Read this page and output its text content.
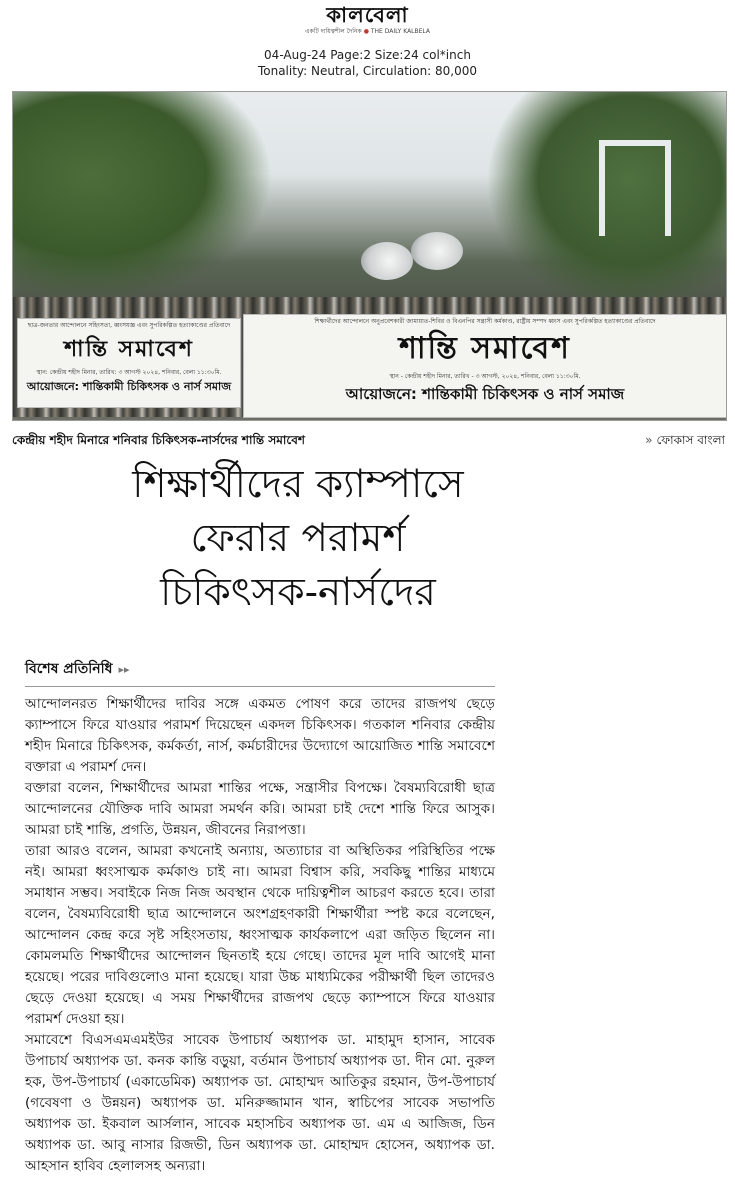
কালবেলা
একটি দায়িত্বশীল দৈনিক ● THE DAILY KALBELA
04-Aug-24 Page:2 Size:24 col*inch
Tonality: Neutral, Circulation: 80,000
ছাত্র-জনতার আন্দোলনে সহিংসতা, ধ্বংসযজ্ঞ এবং সুপরিকল্পিত হত্যাকাণ্ডের প্রতিবাদে
শান্তি সমাবেশ
স্থান: কেন্দ্রীয় শহীদ মিনার, তারিখ: ৩ আগস্ট ২০২৪, শনিবার, বেলা ১১:৩০মি.
আয়োজনে: শান্তিকামী চিকিৎসক ও নার্স সমাজ
শিক্ষার্থীদের আন্দোলনে অনুপ্রবেশকারী জামায়াত-শিবির ও বিএনপির সন্ত্রাসী কর্মকাণ্ড, রাষ্ট্রীয় সম্পদ ধ্বংস এবং সুপরিকল্পিত হত্যাকাণ্ডের প্রতিবাদে
শান্তি সমাবেশ
স্থান - কেন্দ্রীয় শহীদ মিনার, তারিখ - ৩ আগস্ট, ২০২৪, শনিবার, বেলা ১১:৩০মি.
আয়োজনে: শান্তিকামী চিকিৎসক ও নার্স সমাজ
কেন্দ্রীয় শহীদ মিনারে শনিবার চিকিৎসক-নার্সদের শান্তি সমাবেশ	» ফোকাস বাংলা
শিক্ষার্থীদের ক্যাম্পাসে
ফেরার পরামর্শ
চিকিৎসক-নার্সদের
বিশেষ প্রতিনিধি ▸▸

আন্দোলনরত শিক্ষার্থীদের দাবির সঙ্গে একমত পোষণ করে তাদের রাজপথ ছেড়ে ক্যাম্পাসে ফিরে যাওয়ার পরামর্শ দিয়েছেন একদল চিকিৎসক। গতকাল শনিবার কেন্দ্রীয় শহীদ মিনারে চিকিৎসক, কর্মকর্তা, নার্স, কর্মচারীদের উদ্যোগে আয়োজিত শান্তি সমাবেশে বক্তারা এ পরামর্শ দেন।

বক্তারা বলেন, শিক্ষার্থীদের আমরা শান্তির পক্ষে, সন্ত্রাসীর বিপক্ষে। বৈষম্যবিরোধী ছাত্র আন্দোলনের যৌক্তিক দাবি আমরা সমর্থন করি। আমরা চাই দেশে শান্তি ফিরে আসুক। আমরা চাই শান্তি, প্রগতি, উন্নয়ন, জীবনের নিরাপত্তা।

তারা আরও বলেন, আমরা কখনোই অন্যায়, অত্যাচার বা অস্থিতিকর পরিস্থিতির পক্ষে নই। আমরা ধ্বংসাত্মক কর্মকাণ্ড চাই না। আমরা বিশ্বাস করি, সবকিছু শান্তির মাধ্যমে সমাধান সম্ভব। সবাইকে নিজ নিজ অবস্থান থেকে দায়িত্বশীল আচরণ করতে হবে। তারা বলেন, বৈষম্যবিরোধী ছাত্র আন্দোলনে অংশগ্রহণকারী শিক্ষার্থীরা স্পষ্ট করে বলেছেন, আন্দোলন কেন্দ্র করে সৃষ্ট সহিংসতায়, ধ্বংসাত্মক কার্যকলাপে এরা জড়িত ছিলেন না। কোমলমতি শিক্ষার্থীদের আন্দোলন ছিনতাই হয়ে গেছে। তাদের মূল দাবি আগেই মানা হয়েছে। পরের দাবিগুলোও মানা হয়েছে। যারা উচ্চ মাধ্যমিকের পরীক্ষার্থী ছিল তাদেরও ছেড়ে দেওয়া হয়েছে। এ সময় শিক্ষার্থীদের রাজপথ ছেড়ে ক্যাম্পাসে ফিরে যাওয়ার পরামর্শ দেওয়া হয়।

সমাবেশে বিএসএমএমইউর সাবেক উপাচার্য অধ্যাপক ডা. মাহামুদ হাসান, সাবেক উপাচার্য অধ্যাপক ডা. কনক কান্তি বড়ুয়া, বর্তমান উপাচার্য অধ্যাপক ডা. দীন মো. নুরুল হক, উপ-উপাচার্য (একাডেমিক) অধ্যাপক ডা. মোহাম্মদ আতিকুর রহমান, উপ-উপাচার্য (গবেষণা ও উন্নয়ন) অধ্যাপক ডা. মনিরুজ্জামান খান, স্বাচিপের সাবেক সভাপতি অধ্যাপক ডা. ইকবাল আর্সলান, সাবেক মহাসচিব অধ্যাপক ডা. এম এ আজিজ, ডিন অধ্যাপক ডা. আবু নাসার রিজভী, ডিন অধ্যাপক ডা. মোহাম্মদ হোসেন, অধ্যাপক ডা. আহসান হাবিব হেলালসহ অন্যরা।
